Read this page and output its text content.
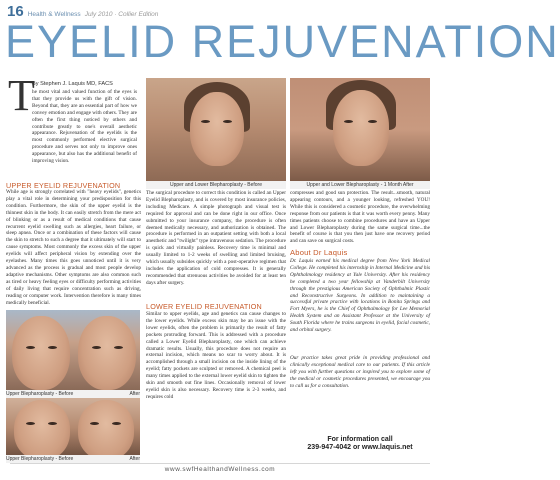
16 Health & Wellness July 2010 · Collier Edition
EYELID REJUVENATION
T
By Stephen J. Laquis MD, FACS
he most vital and valued function of the eyes is that they provide us with the gift of vision. Beyond that, they are an essential part of how we convey emotion and engage with others. They are often the first thing noticed by others and contribute greatly to one's overall aesthetic appearance. Rejuvenation of the eyelids is the most commonly performed elective surgical procedure and serves not only to improve ones appearance, but also has the additional benefit of improving vision.
UPPER EYELID REJUVENATION
While age is strongly correlated with "heavy eyelids", genetics play a vital role in determining your predisposition for this condition. Furthermore, the skin of the upper eyelid is the thinnest skin in the body. It can easily stretch from the mere act of blinking or as a result of medical conditions that cause recurrent eyelid swelling such as allergies, heart failure, or sleep apnea. Once or a combination of these factors will cause the skin to stretch to such a degree that it ultimately will start to cause symptoms. Most commonly the excess skin of the upper eyelids will affect peripheral vision by extending over the eyelashes. Many times this goes unnoticed until it is very advanced as the process is gradual and most people develop adaptive mechanisms. Other symptoms are also common such as tired or heavy feeling eyes or difficulty performing activities of daily living that require concentration such as driving, reading or computer work. Intervention therefore is many times medically beneficial.
Upper and Lower Blepharoplasty - Before	Upper and Lower Blepharoplasty - 1 Month After
The surgical procedure to correct this condition is called an Upper Eyelid Blepharoplasty, and is covered by most insurance policies, including Medicare. A simple photograph and visual test is required for approval and can be done right in our office. Once submitted to your insurance company, the procedure is often deemed medically necessary, and authorization is obtained. The procedure is performed in an outpatient setting with both a local anesthetic and "twilight" type intravenous sedation. The procedure is quick and virtually painless. Recovery time is minimal and usually limited to 1-2 weeks of swelling and limited bruising, which usually subsides quickly with a post-operative regimen that includes the application of cold compresses. It is generally recommended that strenuous activities be avoided for at least ten days after surgery.
LOWER EYELID REJUVENATION
Similar to upper eyelids, age and genetics can cause changes to the lower eyelids. While excess skin may be an issue with the lower eyelids, often the problem is primarily the result of fatty pockets protruding forward. This is addressed with a procedure called a Lower Eyelid Blepharoplasty, one which can achieve dramatic results. Usually, this procedure does not require an external incision, which means no scar to worry about. It is accomplished through a small incision on the inside lining of the eyelid; fatty pockets are sculpted or removed. A chemical peel is many times applied to the external lower eyelid skin to tighten the skin and smooth out fine lines. Occasionally removal of lower eyelid skin is also necessary. Recovery time is 2-3 weeks, and requires cold
compresses and good sun protection. The result...smooth, natural appearing contours, and a younger looking, refreshed YOU! While this is considered a cosmetic procedure, the overwhelming response from our patients is that it was worth every penny. Many times patients choose to combine procedures and have an Upper and Lower Blepharoplasty during the same surgical time...the benefit of course is that you then just have one recovery period and can save on surgical costs.
About Dr Laquis
Dr. Laquis earned his medical degree from New York Medical College. He completed his internship in Internal Medicine and his Ophthalmology residency at Yale University. After his residency he completed a two year fellowship at Vanderbilt University through the prestigious American Society of Ophthalmic Plastic and Reconstructive Surgeons. In addition to maintaining a successful private practice with locations in Bonita Springs and Fort Myers, he is the Chief of Ophthalmology for Lee Memorial Health System and an Assistant Professor at the University of South Florida where he trains surgeons in eyelid, facial cosmetic, and orbital surgery.
Our practice takes great pride in providing professional and clinically exceptional medical care to our patients. If this article left you with further questions or inspired you to explore some of the medical or cosmetic procedures presented, we encourage you to call us for a consultation.
Upper Blepharoplasty - Before	After
Upper Blepharoplasty - Before	After
For information call
239-947-4042 or www.laquis.net
www.swfHealthandWellness.com
